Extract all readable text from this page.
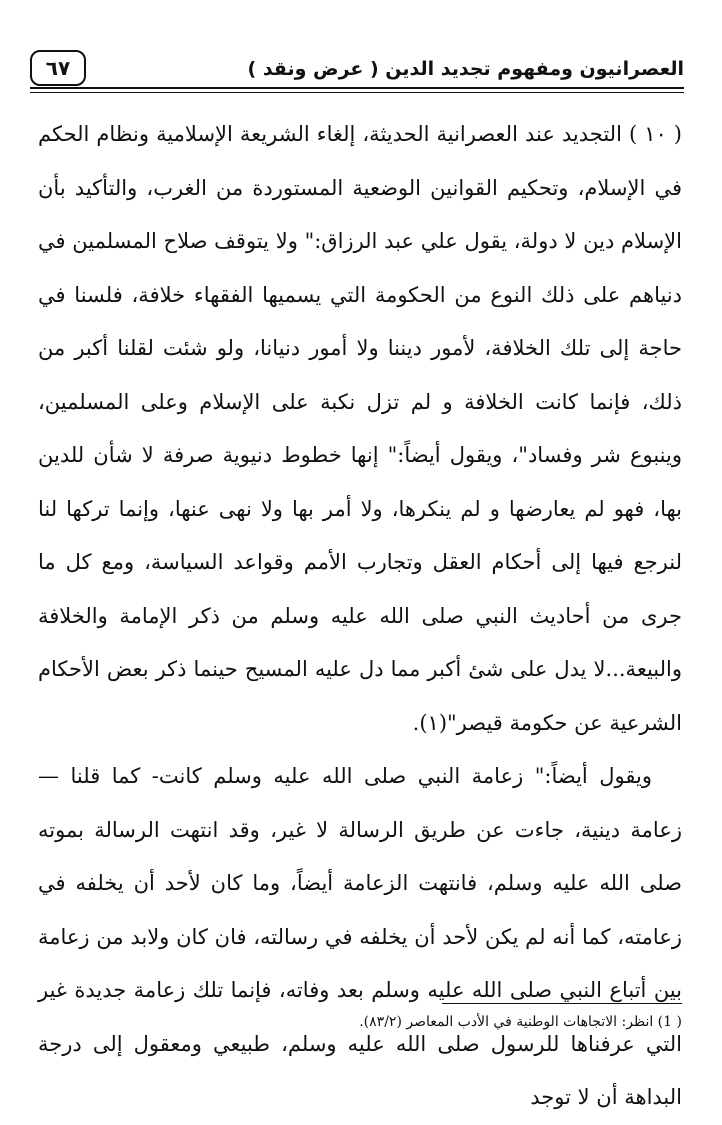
العصرانيون ومفهوم تجديد الدين ( عرض ونقد )
٦٧

( ١٠ ) التجديد عند العصرانية الحديثة، إلغاء الشريعة الإسلامية ونظام الحكم في الإسلام، وتحكيم القوانين الوضعية المستوردة من الغرب، والتأكيد بأن الإسلام دين لا دولة، يقول علي عبد الرزاق:" ولا يتوقف صلاح المسلمين في دنياهم على ذلك النوع من الحكومة التي يسميها الفقهاء خلافة، فلسنا في حاجة إلى تلك الخلافة، لأمور ديننا ولا أمور دنيانا، ولو شئت لقلنا أكبر من ذلك، فإنما كانت الخلافة و لم تزل نكبة على الإسلام وعلى المسلمين، وينبوع شر وفساد"، ويقول أيضاً:" إنها خطوط دنيوية صرفة لا شأن للدين بها، فهو لم يعارضها و لم ينكرها، ولا أمر بها ولا نهى عنها، وإنما تركها لنا لنرجع فيها إلى أحكام العقل وتجارب الأمم وقواعد السياسة، ومع كل ما جرى من أحاديث النبي صلى الله عليه وسلم من ذكر الإمامة والخلافة والبيعة...لا يدل على شئ أكبر مما دل عليه المسيح حينما ذكر بعض الأحكام الشرعية عن حكومة قيصر"(١).

ويقول أيضاً:" زعامة النبي صلى الله عليه وسلم كانت- كما قلنا — زعامة دينية، جاءت عن طريق الرسالة لا غير، وقد انتهت الرسالة بموته صلى الله عليه وسلم، فانتهت الزعامة أيضاً، وما كان لأحد أن يخلفه في زعامته، كما أنه لم يكن لأحد أن يخلفه في رسالته، فان كان ولابد من زعامة بين أتباع النبي صلى الله عليه وسلم بعد وفاته، فإنما تلك زعامة جديدة غير التي عرفناها للرسول صلى الله عليه وسلم، طبيعي ومعقول إلى درجة البداهة أن لا توجد

( 1) انظر: الاتجاهات الوطنية في الأدب المعاصر (٨٣/٢).
